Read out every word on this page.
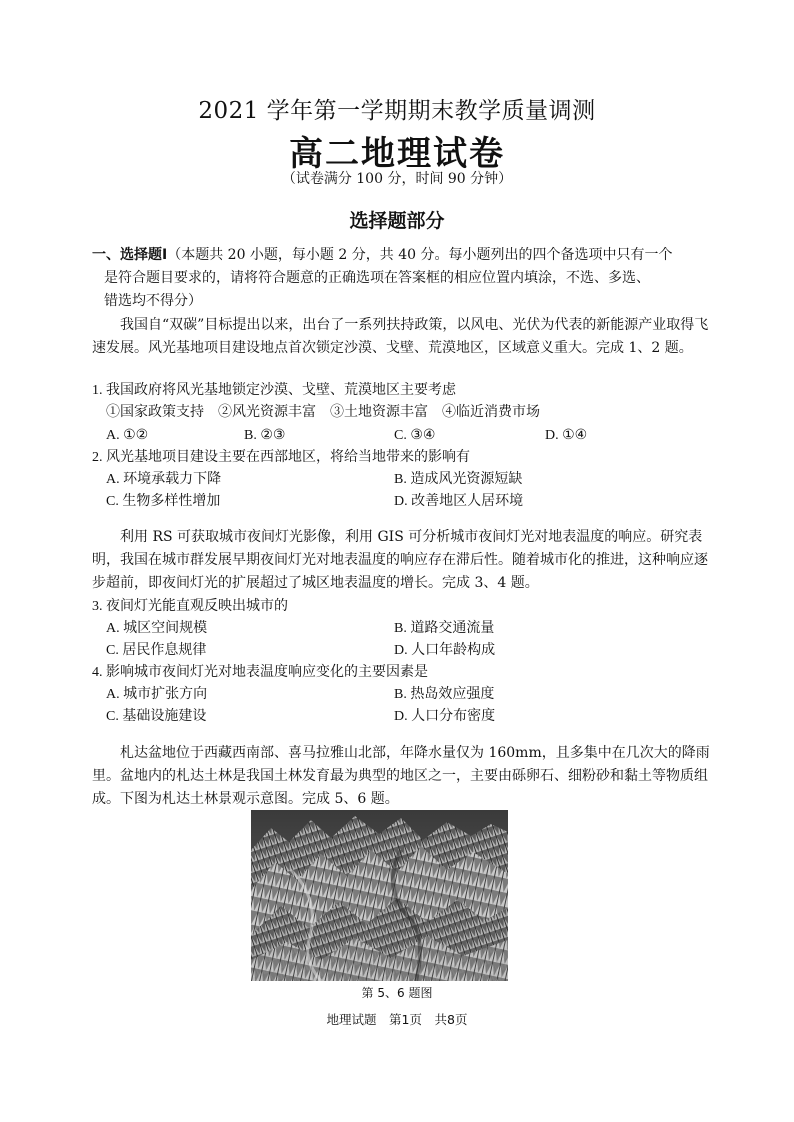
2021 学年第一学期期末教学质量调测
高二地理试卷
（试卷满分 100 分，时间 90 分钟）
选择题部分
一、选择题Ⅰ（本题共 20 小题，每小题 2 分，共 40 分。每小题列出的四个备选项中只有一个
是符合题目要求的，请将符合题意的正确选项在答案框的相应位置内填涂，不选、多选、
错选均不得分）
我国自“双碳”目标提出以来，出台了一系列扶持政策，以风电、光伏为代表的新能源产业取得飞速发展。风光基地项目建设地点首次锁定沙漠、戈壁、荒漠地区，区域意义重大。完成 1、2 题。
1. 我国政府将风光基地锁定沙漠、戈壁、荒漠地区主要考虑
①国家政策支持　②风光资源丰富　③土地资源丰富　④临近消费市场
A. ①②	B. ②③	C. ③④	D. ①④
2. 风光基地项目建设主要在西部地区，将给当地带来的影响有
A. 环境承载力下降	B. 造成风光资源短缺
C. 生物多样性增加	D. 改善地区人居环境
利用 RS 可获取城市夜间灯光影像，利用 GIS 可分析城市夜间灯光对地表温度的响应。研究表明，我国在城市群发展早期夜间灯光对地表温度的响应存在滞后性。随着城市化的推进，这种响应逐步超前，即夜间灯光的扩展超过了城区地表温度的增长。完成 3、4 题。
3. 夜间灯光能直观反映出城市的
A. 城区空间规模	B. 道路交通流量
C. 居民作息规律	D. 人口年龄构成
4. 影响城市夜间灯光对地表温度响应变化的主要因素是
A. 城市扩张方向	B. 热岛效应强度
C. 基础设施建设	D. 人口分布密度
札达盆地位于西藏西南部、喜马拉雅山北部，年降水量仅为 160mm，且多集中在几次大的降雨里。盆地内的札达土林是我国土林发育最为典型的地区之一，主要由砾卵石、细粉砂和黏土等物质组成。下图为札达土林景观示意图。完成 5、6 题。
第 5、6 题图
地理试题　第1页　共8页
